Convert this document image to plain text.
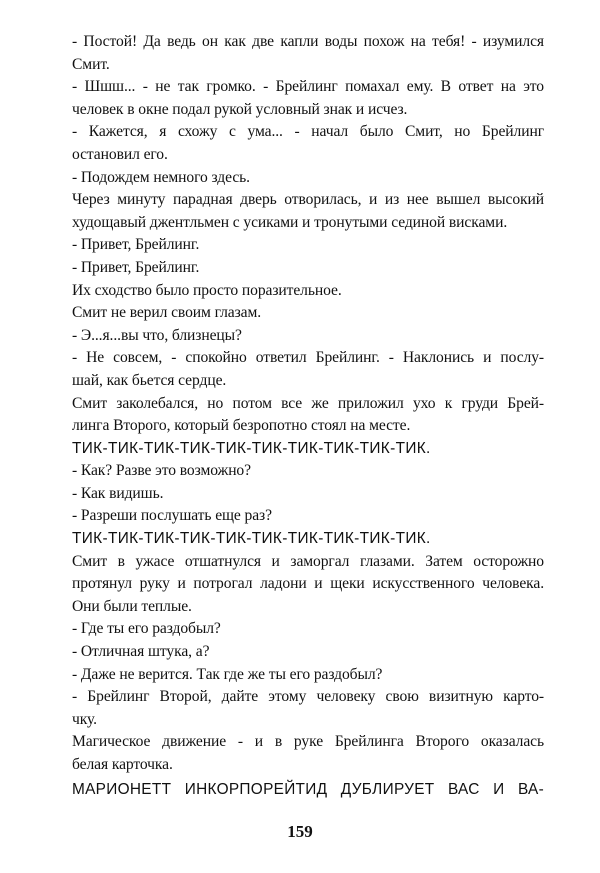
- Постой! Да ведь он как две капли воды похож на тебя! - изумился
Смит.

- Шшш... - не так громко. - Брейлинг помахал ему. В ответ на это
человек в окне подал рукой условный знак и исчез.

- Кажется, я схожу с ума... - начал было Смит, но Брейлинг
остановил его.

- Подождем немного здесь.

Через минуту парадная дверь отворилась, и из нее вышел высокий
худощавый джентльмен с усиками и тронутыми сединой висками.

- Привет, Брейлинг.

- Привет, Брейлинг.

Их сходство было просто поразительное.

Смит не верил своим глазам.

- Э...я...вы что, близнецы?

- Не совсем, - спокойно ответил Брейлинг. - Наклонись и послу-
шай, как бьется сердце.

Смит заколебался, но потом все же приложил ухо к груди Брей-
линга Второго, который безропотно стоял на месте.

ТИК-ТИК-ТИК-ТИК-ТИК-ТИК-ТИК-ТИК-ТИК-ТИК.

- Как? Разве это возможно?

- Как видишь.

- Разреши послушать еще раз?

ТИК-ТИК-ТИК-ТИК-ТИК-ТИК-ТИК-ТИК-ТИК-ТИК.

Смит в ужасе отшатнулся и заморгал глазами. Затем осторожно
протянул руку и потрогал ладони и щеки искусственного человека.
Они были теплые.

- Где ты его раздобыл?

- Отличная штука, а?

- Даже не верится. Так где же ты его раздобыл?

- Брейлинг Второй, дайте этому человеку свою визитную карто-
чку.

Магическое движение - и в руке Брейлинга Второго оказалась
белая карточка.

МАРИОНЕТТ ИНКОРПОРЕЙТИД ДУБЛИРУЕТ ВАС И ВА-

159
